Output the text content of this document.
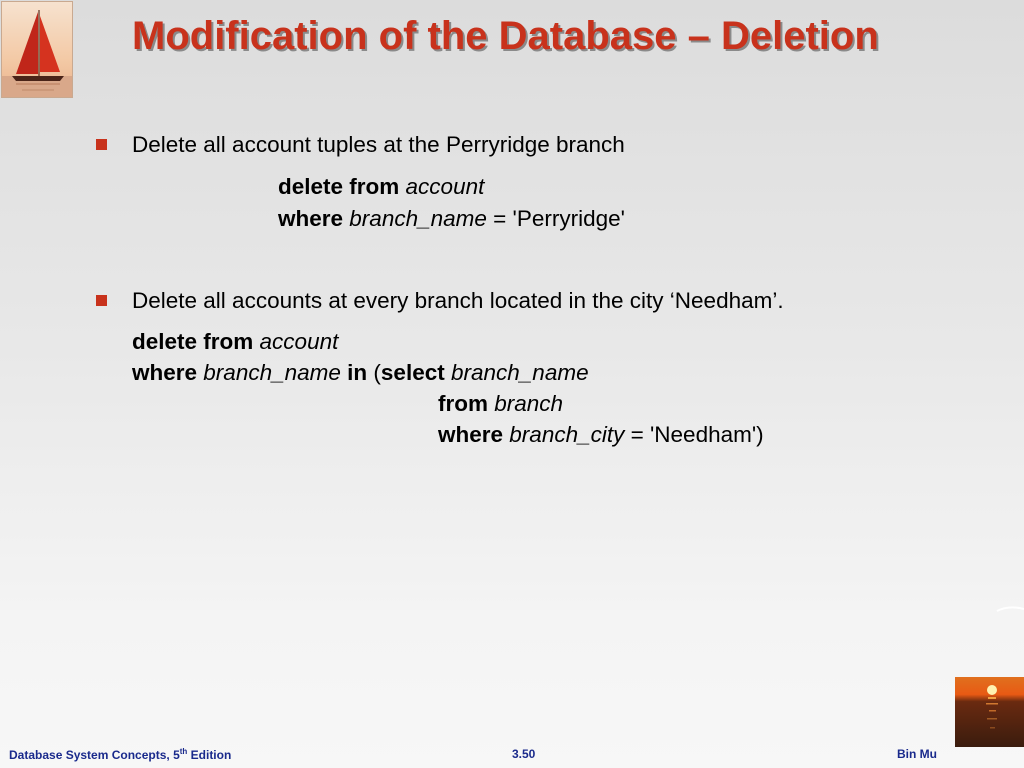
Modification of the Database – Deletion
Delete all account tuples at the Perryridge branch
delete from account
where branch_name = 'Perryridge'
Delete all accounts at every branch located in the city ‘Needham’.
delete from account
where branch_name in (select branch_name
from branch
where branch_city = 'Needham')
Database System Concepts, 5th Edition	3.50	Bin Mu
